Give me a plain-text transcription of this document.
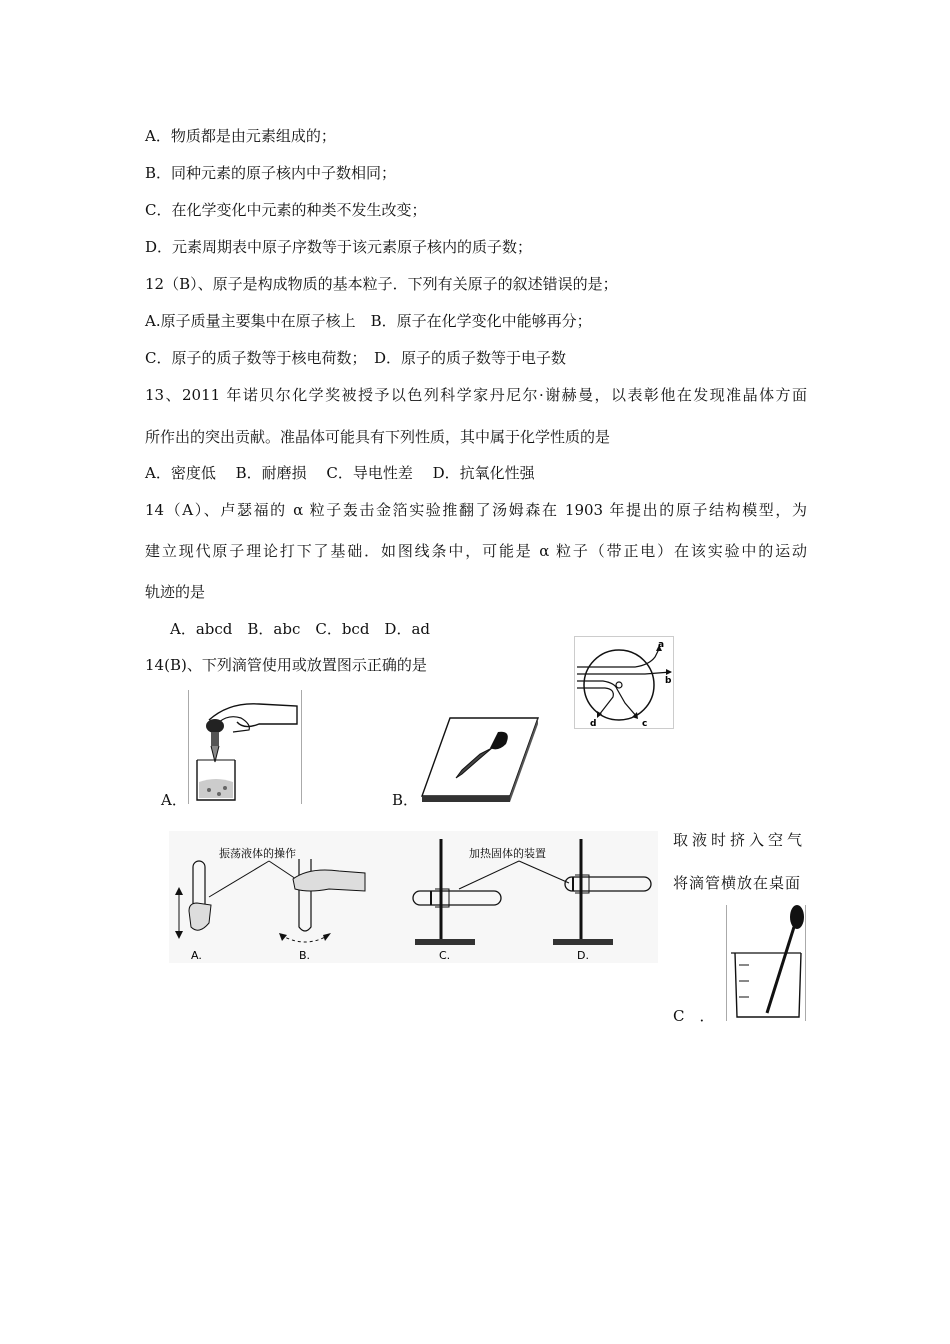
A．物质都是由元素组成的；
B．同种元素的原子核内中子数相同；
C．在化学变化中元素的种类不发生改变；
D．元素周期表中原子序数等于该元素原子核内的质子数；
12（B）、原子是构成物质的基本粒子．下列有关原子的叙述错误的是；
A.原子质量主要集中在原子核上　B．原子在化学变化中能够再分；
C．原子的质子数等于核电荷数；　D．原子的质子数等于电子数
13、2011 年诺贝尔化学奖被授予以色列科学家丹尼尔·谢赫曼，以表彰他在发现准晶体方面
所作出的突出贡献。准晶体可能具有下列性质，其中属于化学性质的是
A．密度低　 B．耐磨损　 C．导电性差　 D．抗氧化性强
14（A）、卢瑟福的 α 粒子轰击金箔实验推翻了汤姆森在 1903 年提出的原子结构模型，为
建立现代原子理论打下了基础．如图线条中，可能是 α 粒子（带正电）在该实验中的运动
轨迹的是
A．abcd　B．abc　C．bcd　D．ad
14(B)、下列滴管使用或放置图示正确的是
a
b
c
d
A．	B．
振荡液体的操作	加热固体的装置
A.	B.	C.	D.
取液时挤入空气
将滴管横放在桌面
C　．
